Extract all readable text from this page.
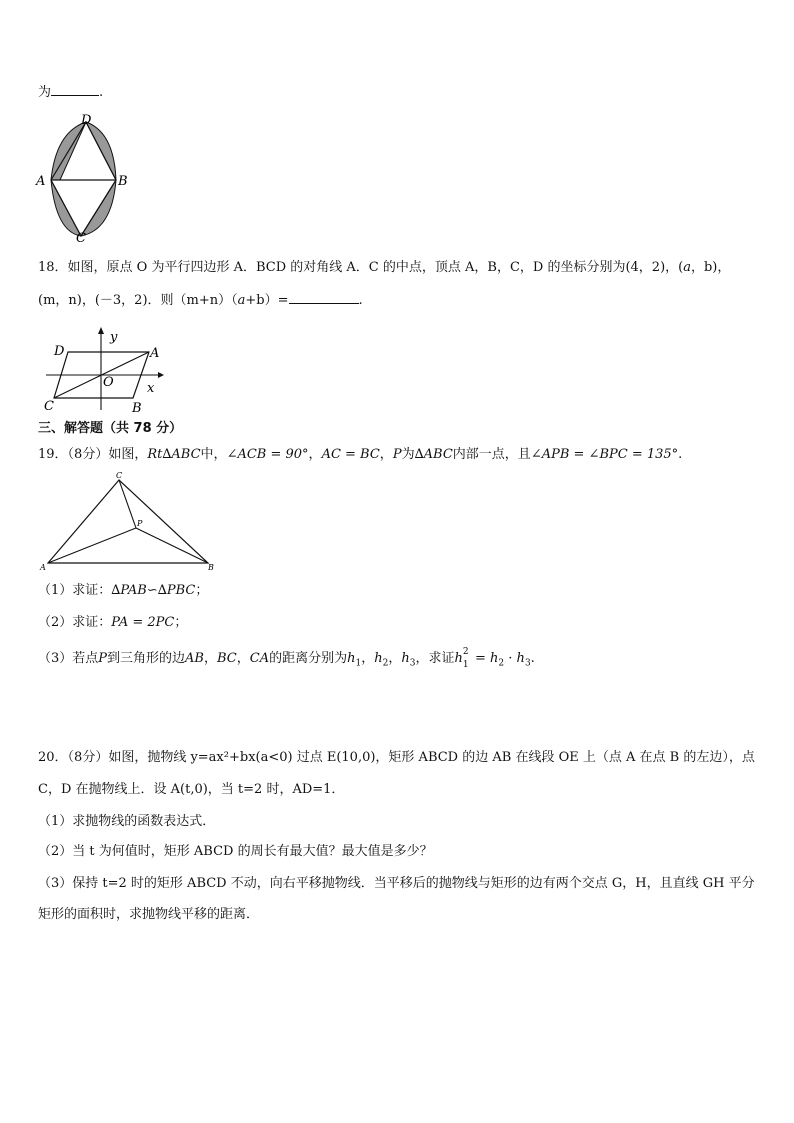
为	.
D
A	B
C
18．如图，原点 O 为平行四边形 A．BCD 的对角线 A．C 的中点，顶点 A，B，C，D 的坐标分别为(4，2)，(a，b)，
(m，n)，(－3，2)．则（m+n）（a+b）=	.
y
x
O
A
B
C
D
三、解答题（共 78 分）
19．（8分）如图，Rt∆ABC中，∠ACB = 90°，AC = BC，P为∆ABC内部一点，且∠APB = ∠BPC = 135°.
C
P
A	B
（1）求证：∆PAB∽∆PBC；
（2）求证：PA = 2PC；
（3）若点P到三角形的边AB，BC，CA的距离分别为$h_1$，$h_2$，$h_3$，求证h 2
$1 = h_2 \cdot h_3$.
20．（8分）如图，抛物线 y=ax²+bx(a<0) 过点 E(10,0)，矩形 ABCD 的边 AB 在线段 OE 上（点 A 在点 B 的左边），点
C，D 在抛物线上．设 A(t,0)，当 t=2 时，AD=1．
（1）求抛物线的函数表达式．
（2）当 t 为何值时，矩形 ABCD 的周长有最大值？最大值是多少？
（3）保持 t=2 时的矩形 ABCD 不动，向右平移抛物线．当平移后的抛物线与矩形的边有两个交点 G，H，且直线 GH 平分
矩形的面积时，求抛物线平移的距离．
